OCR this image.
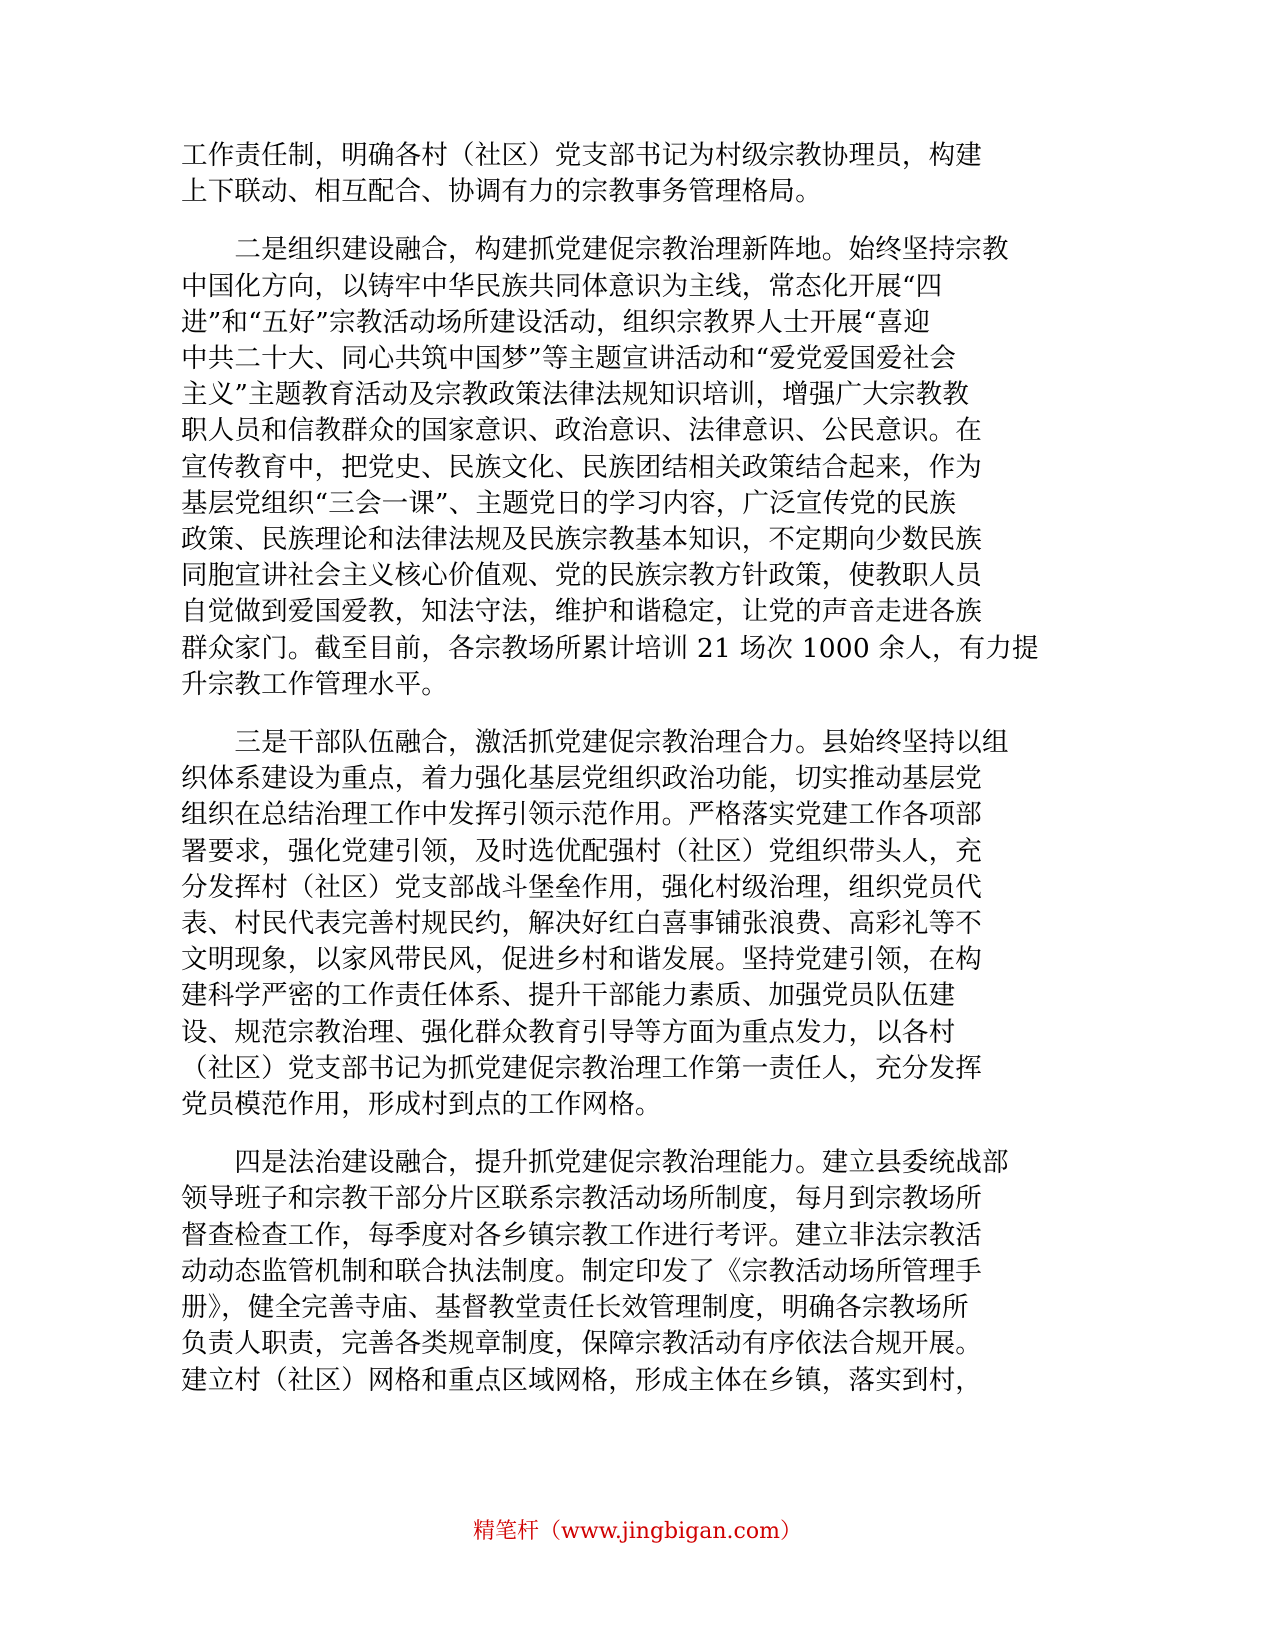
工作责任制，明确各村（社区）党支部书记为村级宗教协理员，构建
上下联动、相互配合、协调有力的宗教事务管理格局。
　　二是组织建设融合，构建抓党建促宗教治理新阵地。始终坚持宗教
中国化方向，以铸牢中华民族共同体意识为主线，常态化开展“四
进”和“五好”宗教活动场所建设活动，组织宗教界人士开展“喜迎
中共二十大、同心共筑中国梦”等主题宣讲活动和“爱党爱国爱社会
主义”主题教育活动及宗教政策法律法规知识培训，增强广大宗教教
职人员和信教群众的国家意识、政治意识、法律意识、公民意识。在
宣传教育中，把党史、民族文化、民族团结相关政策结合起来，作为
基层党组织“三会一课”、主题党日的学习内容，广泛宣传党的民族
政策、民族理论和法律法规及民族宗教基本知识，不定期向少数民族
同胞宣讲社会主义核心价值观、党的民族宗教方针政策，使教职人员
自觉做到爱国爱教，知法守法，维护和谐稳定，让党的声音走进各族
群众家门。截至目前，各宗教场所累计培训 21 场次 1000 余人，有力提
升宗教工作管理水平。
　　三是干部队伍融合，激活抓党建促宗教治理合力。县始终坚持以组
织体系建设为重点，着力强化基层党组织政治功能，切实推动基层党
组织在总结治理工作中发挥引领示范作用。严格落实党建工作各项部
署要求，强化党建引领，及时选优配强村（社区）党组织带头人，充
分发挥村（社区）党支部战斗堡垒作用，强化村级治理，组织党员代
表、村民代表完善村规民约，解决好红白喜事铺张浪费、高彩礼等不
文明现象，以家风带民风，促进乡村和谐发展。坚持党建引领，在构
建科学严密的工作责任体系、提升干部能力素质、加强党员队伍建
设、规范宗教治理、强化群众教育引导等方面为重点发力，以各村
（社区）党支部书记为抓党建促宗教治理工作第一责任人，充分发挥
党员模范作用，形成村到点的工作网格。
　　四是法治建设融合，提升抓党建促宗教治理能力。建立县委统战部
领导班子和宗教干部分片区联系宗教活动场所制度，每月到宗教场所
督查检查工作，每季度对各乡镇宗教工作进行考评。建立非法宗教活
动动态监管机制和联合执法制度。制定印发了《宗教活动场所管理手
册》，健全完善寺庙、基督教堂责任长效管理制度，明确各宗教场所
负责人职责，完善各类规章制度，保障宗教活动有序依法合规开展。
建立村（社区）网格和重点区域网格，形成主体在乡镇，落实到村，
精笔杆（www.jingbigan.com）
